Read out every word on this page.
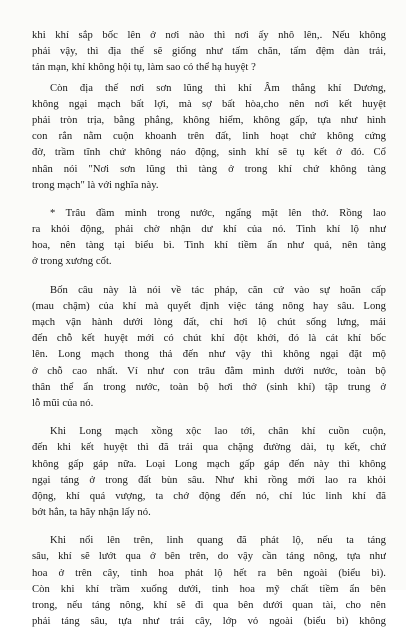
khi khí sắp bốc lên ở nơi nào thì nơi ấy nhô lên,. Nếu không
phải vậy, thì địa thế sẽ giống như tấm chăn, tấm đệm dàn trải,
tản mạn, khí không hội tụ, làm sao có thể hạ huyệt ?
Còn địa thế nơi sơn lũng thì khí Âm thắng khí Dương,
không ngại mạch bất lợi, mà sợ bất hòa,cho nên nơi kết huyệt
phải tròn trịa, bằng phẳng, không hiểm, không gấp, tựa như hình
con rắn nằm cuộn khoanh trên đất, linh hoạt chứ không cứng
đờ, trầm tĩnh chứ không náo động, sinh khí sẽ tụ kết ở đó. Cổ
nhân nói "Nơi sơn lũng thì tàng ở trong khí chứ không tàng
trong mạch" là với nghĩa này.
* Trâu đầm mình trong nước, ngẩng mặt lên thở. Rồng lao
ra khỏi động, phải chờ nhận dư khí của nó. Tinh khí lộ như
hoa, nên tàng tại biểu bì. Tinh khí tiềm ẩn như quả, nên tàng
ở trong xương cốt.
Bốn câu này là nói về tác pháp, căn cứ vào sự hoãn cấp
(mau chậm) của khí mà quyết định việc táng nông hay sâu. Long
mạch vận hành dưới lòng đất, chỉ hơi lộ chút sống lưng, mái
đến chỗ kết huyệt mới có chút khí đột khởi, đó là cát khí bốc
lên. Long mạch thong thả đến như vậy thì không ngại đặt mộ
ở chỗ cao nhất. Ví như con trâu đằm mình dưới nước, toàn bộ
thân thể ẩn trong nước, toàn bộ hơi thở (sinh khí) tập trung ở
lỗ mũi của nó.
Khi Long mạch xồng xộc lao tới, chân khí cuồn cuộn,
đến khi kết huyệt thì đã trải qua chặng đường dài, tụ kết, chứ
không gấp gáp nữa. Loại Long mạch gấp gáp đến này thì không
ngại táng ở trong đất bùn sâu. Như khi rồng mới lao ra khỏi
động, khí quá vượng, ta chớ động đến nó, chỉ lúc linh khí đã
bớt hẳn, ta hãy nhận lấy nó.
Khi nổi lên trên, linh quang đã phát lộ, nếu ta táng
sâu, khí sẽ lướt qua ở bên trên, do vậy cần táng nông, tựa như
hoa ở trên cây, tinh hoa phát lộ hết ra bên ngoài (biểu bì).
Còn khi khí trầm xuống dưới, tinh hoa mỹ chất tiềm ẩn bên
trong, nếu táng nông, khí sẽ đi qua bên dưới quan tài, cho nên
phải táng sâu, tựa như trái cây, lớp vỏ ngoài (biểu bì) không
